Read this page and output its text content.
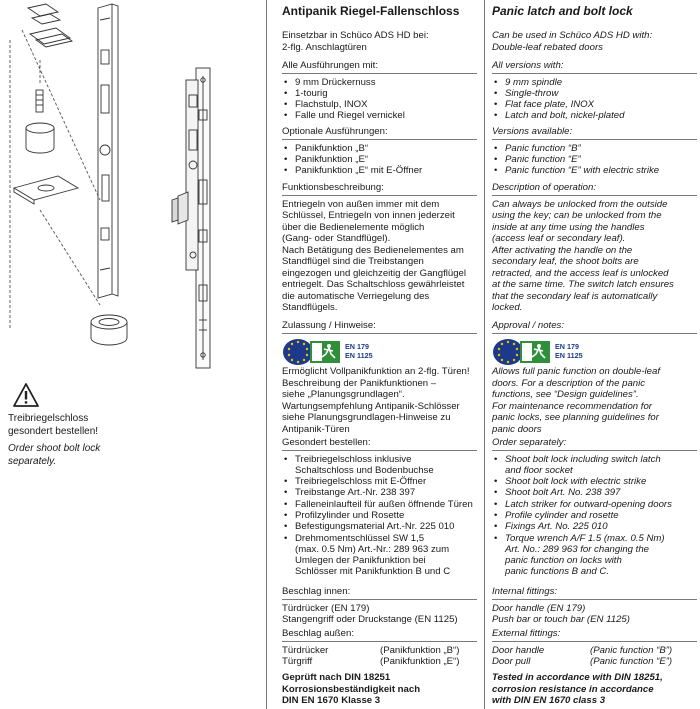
Treibriegelschloss
gesondert bestellen!
Order shoot bolt lock
separately.
Antipanik Riegel-Fallenschloss
Einsetzbar in Schüco ADS HD bei:
2-flg. Anschlagtüren
Alle Ausführungen mit:
• 9 mm Drückernuss
• 1-tourig
• Flachstulp, INOX
• Falle und Riegel vernickel
Optionale Ausführungen:
• Panikfunktion „B“
• Panikfunktion „E“
• Panikfunktion „E“ mit E-Öffner
Funktionsbeschreibung:
Entriegeln von außen immer mit dem
Schlüssel, Entriegeln von innen jederzeit
über die Bedienelemente möglich
(Gang- oder Standflügel).
Nach Betätigung des Bedienelementes am
Standflügel sind die Treibstangen
eingezogen und gleichzeitig der Gangflügel
entriegelt. Das Schaltschloss gewährleistet
die automatische Verriegelung des
Standflügels.
Zulassung / Hinweise:
EN 179
EN 1125
Ermöglicht Vollpanikfunktion an 2-flg. Türen!
Beschreibung der Panikfunktionen –
siehe „Planungsgrundlagen“.
Wartungsempfehlung Antipanik-Schlösser
siehe Planungsgrundlagen-Hinweise zu
Antipanik-Türen
Gesondert bestellen:
• Treibriegelschloss inklusive
Schaltschloss und Bodenbuchse
• Treibriegelschloss mit E-Öffner
• Treibstange Art.-Nr. 238 397
• Falleneinlaufteil für außen öffnende Türen
• Profilzylinder und Rosette
• Befestigungsmaterial Art.-Nr. 225 010
• Drehmomentschlüssel SW 1,5
(max. 0.5 Nm) Art.-Nr.: 289 963 zum
Umlegen der Panikfunktion bei
Schlösser mit Panikfunktion B und C
Beschlag innen:
Türdrücker (EN 179)
Stangengriff oder Druckstange (EN 1125)
Beschlag außen:
Türdrücker	(Panikfunktion „B“)
Türgriff	(Panikfunktion „E“)
Geprüft nach DIN 18251
Korrosionsbeständigkeit nach
DIN EN 1670 Klasse 3
Panic latch and bolt lock
Can be used in Schüco ADS HD with:
Double-leaf rebated doors
All versions with:
• 9 mm spindle
• Single-throw
• Flat face plate, INOX
• Latch and bolt, nickel-plated
Versions available:
• Panic function “B”
• Panic function “E”
• Panic function “E” with electric strike
Description of operation:
Can always be unlocked from the outside
using the key; can be unlocked from the
inside at any time using the handles
(access leaf or secondary leaf).
After activating the handle on the
secondary leaf, the shoot bolts are
retracted, and the access leaf is unlocked
at the same time. The switch latch ensures
that the secondary leaf is automatically
locked.
Approval / notes:
EN 179
EN 1125
Allows full panic function on double-leaf
doors. For a description of the panic
functions, see “Design guidelines”.
For maintenance recommendation for
panic locks, see planning guidelines for
panic doors
Order separately:
• Shoot bolt lock including switch latch
and floor socket
• Shoot bolt lock with electric strike
• Shoot bolt Art. No. 238 397
• Latch striker for outward-opening doors
• Profile cylinder and rosette
• Fixings Art. No. 225 010
• Torque wrench A/F 1.5 (max. 0.5 Nm)
Art. No.: 289 963 for changing the
panic function on locks with
panic functions B and C.
Internal fittings:
Door handle (EN 179)
Push bar or touch bar (EN 1125)
External fittings:
Door handle	(Panic function “B”)
Door pull	(Panic function “E”)
Tested in accordance with DIN 18251,
corrosion resistance in accordance
with DIN EN 1670 class 3
